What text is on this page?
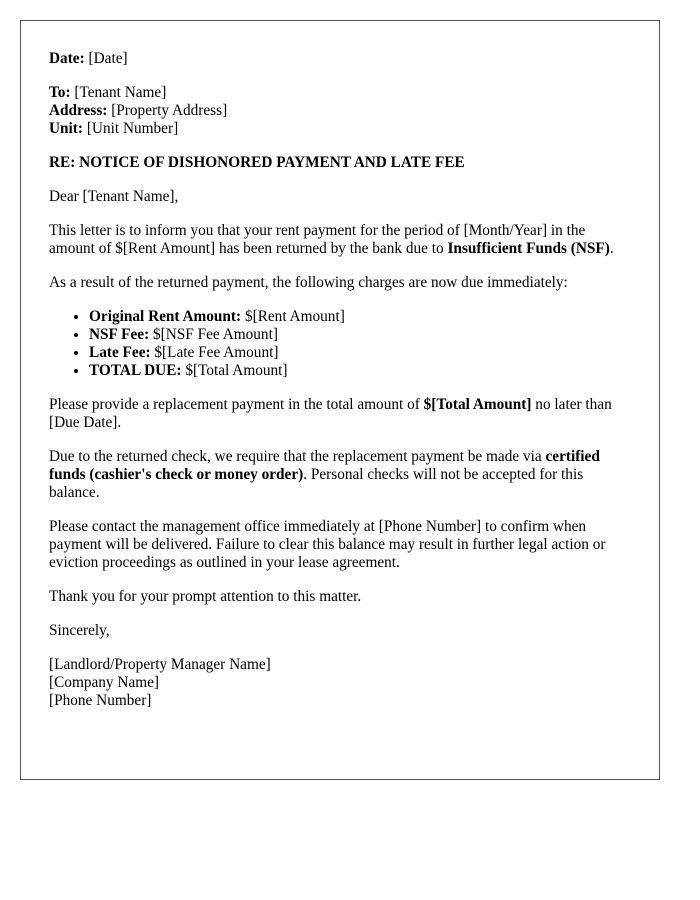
Date: [Date]

To: [Tenant Name]
Address: [Property Address]
Unit: [Unit Number]

RE: NOTICE OF DISHONORED PAYMENT AND LATE FEE

Dear [Tenant Name],

This letter is to inform you that your rent payment for the period of [Month/Year] in the amount of $[Rent Amount] has been returned by the bank due to Insufficient Funds (NSF).

As a result of the returned payment, the following charges are now due immediately:

• Original Rent Amount: $[Rent Amount]
• NSF Fee: $[NSF Fee Amount]
• Late Fee: $[Late Fee Amount]
• TOTAL DUE: $[Total Amount]

Please provide a replacement payment in the total amount of $[Total Amount] no later than [Due Date].

Due to the returned check, we require that the replacement payment be made via certified funds (cashier's check or money order). Personal checks will not be accepted for this balance.

Please contact the management office immediately at [Phone Number] to confirm when payment will be delivered. Failure to clear this balance may result in further legal action or eviction proceedings as outlined in your lease agreement.

Thank you for your prompt attention to this matter.

Sincerely,

[Landlord/Property Manager Name]
[Company Name]
[Phone Number]
